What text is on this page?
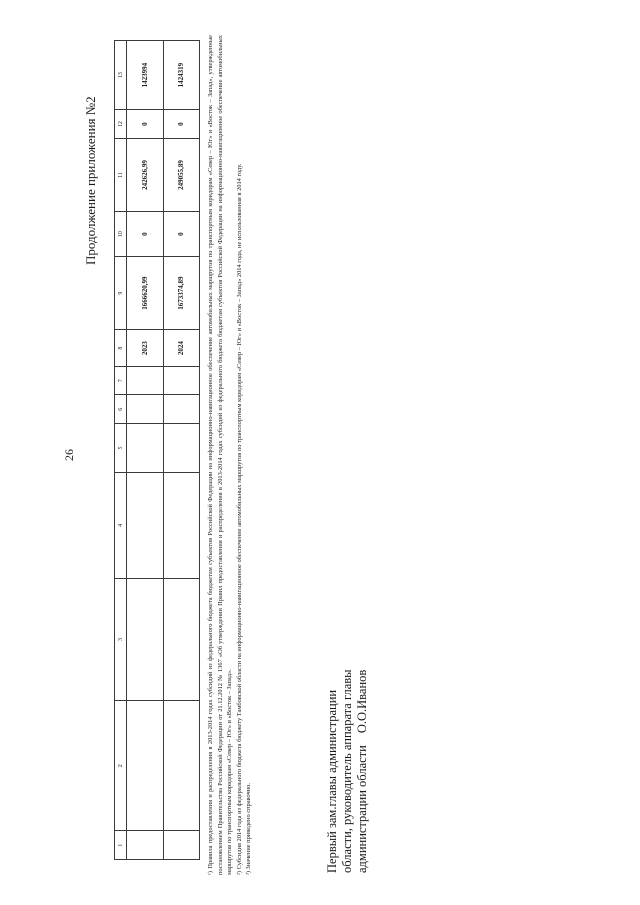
26
Продолжение приложения №2
1	2	3	4	5	6	7	8	9	10	11	12	13
							2023	1666620,99	0	242626,99	0	1423994
							2024	1673374,89	0	249055,89	0	1424319	¹) Правила предоставления и распределения в 2013-2014 годах субсидий из федерального бюджета бюджетам субъектов Российской Федерации на информационно-навигационное обеспечение автомобильных маршрутов по транспортным коридорам «Север – Юг» и «Восток – Запад», утвержденные постановлением Правительства Российской Федерации от 21.12.2012 № 1367 «Об утверждении Правил предоставления и распределения в 2013-2014 годах субсидий из федерального бюджета бюджетам субъектов Российской Федерации на информационно-навигационное обеспечение автомобильных маршрутов по транспортным коридорам «Север – Юг» и «Восток – Запад». ²) Субсидия 2014 года из федерального бюджета бюджету Тамбовской области на информационно-навигационное обеспечение автомобильных маршрутов по транспортным коридорам «Север – Юг» и «Восток – Запад» 2014 года, не использованная в 2014 году. ³) Значение приведено справочно.	Первый зам.главы администрации области, руководитель аппарата главы администрации областиО.О.Иванов
